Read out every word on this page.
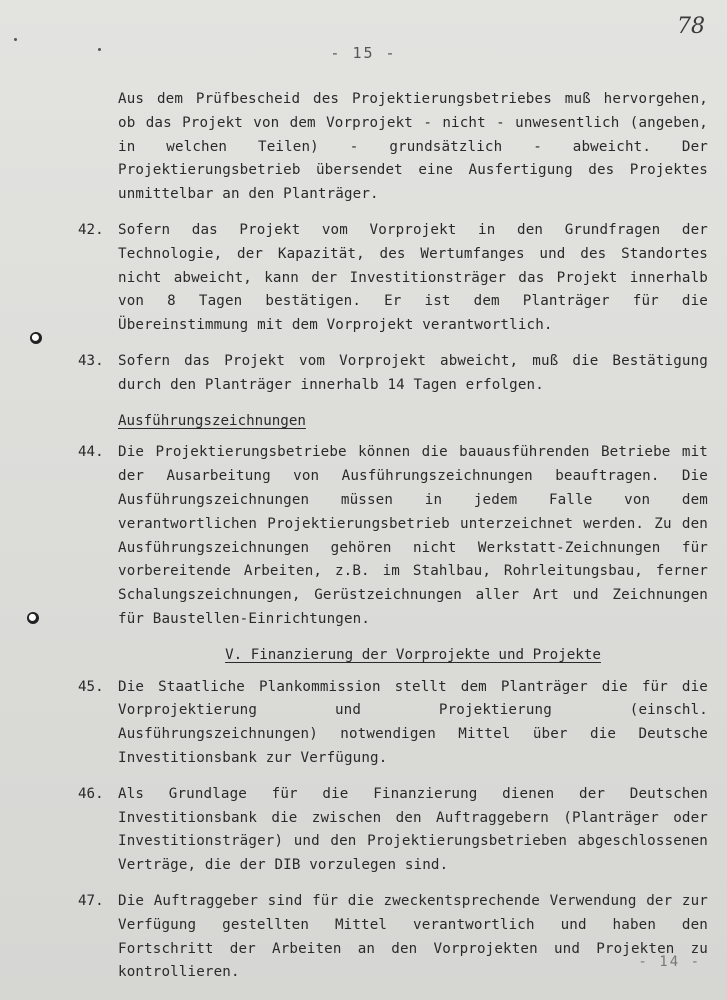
78
- 15 -
Aus dem Prüfbescheid des Projektierungsbetriebes muß hervorgehen, ob das Projekt von dem Vorprojekt - nicht - unwesentlich (angeben, in welchen Teilen) - grundsätzlich - abweicht. Der Projektierungsbetrieb übersendet eine Ausfertigung des Projektes unmittelbar an den Planträger.
42.	Sofern das Projekt vom Vorprojekt in den Grundfragen der Technologie, der Kapazität, des Wertumfanges und des Standortes nicht abweicht, kann der Investitionsträger das Projekt innerhalb von 8 Tagen bestätigen. Er ist dem Planträger für die Übereinstimmung mit dem Vorprojekt verantwortlich.
43.	Sofern das Projekt vom Vorprojekt abweicht, muß die Bestätigung durch den Planträger innerhalb 14 Tagen erfolgen.
Ausführungszeichnungen
44.	Die Projektierungsbetriebe können die bauausführenden Betriebe mit der Ausarbeitung von Ausführungszeichnungen beauftragen. Die Ausführungszeichnungen müssen in jedem Falle von dem verantwortlichen Projektierungsbetrieb unterzeichnet werden. Zu den Ausführungszeichnungen gehören nicht Werkstatt-Zeichnungen für vorbereitende Arbeiten, z.B. im Stahlbau, Rohrleitungsbau, ferner Schalungszeichnungen, Gerüstzeichnungen aller Art und Zeichnungen für Baustellen-Einrichtungen.
V. Finanzierung der Vorprojekte und Projekte
45.	Die Staatliche Plankommission stellt dem Planträger die für die Vorprojektierung und Projektierung (einschl. Ausführungszeichnungen) notwendigen Mittel über die Deutsche Investitionsbank zur Verfügung.
46.	Als Grundlage für die Finanzierung dienen der Deutschen Investitionsbank die zwischen den Auftraggebern (Planträger oder Investitionsträger) und den Projektierungsbetrieben abgeschlossenen Verträge, die der DIB vorzulegen sind.
47.	Die Auftraggeber sind für die zweckentsprechende Verwendung der zur Verfügung gestellten Mittel verantwortlich und haben den Fortschritt der Arbeiten an den Vorprojekten und Projekten zu kontrollieren.
- 14 -
